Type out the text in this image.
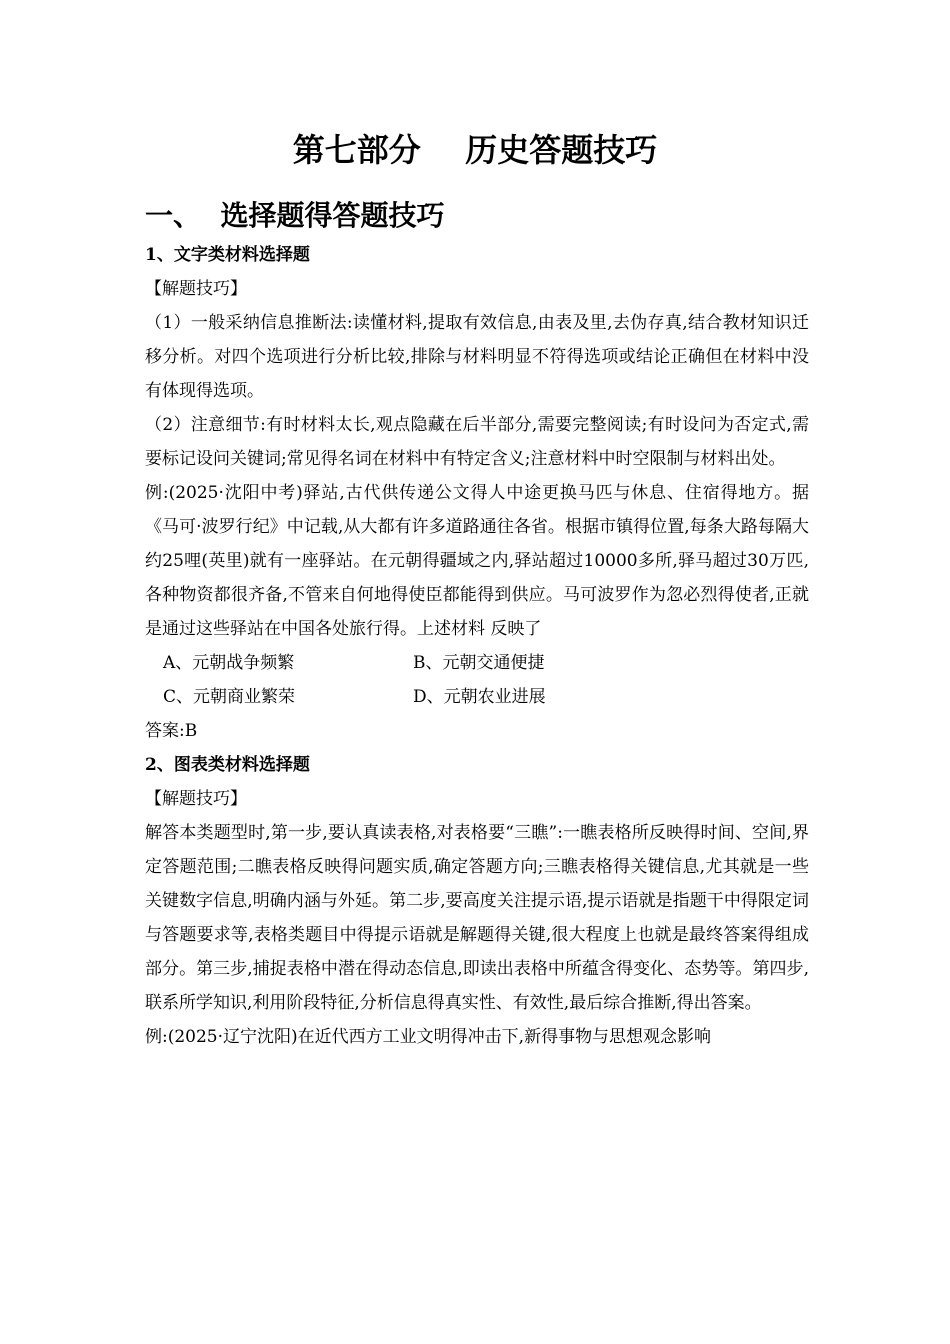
第七部分    历史答题技巧
一、  选择题得答题技巧
1、文字类材料选择题
【解题技巧】
（1）一般采纳信息推断法:读懂材料,提取有效信息,由表及里,去伪存真,结合教材知识迁移分析。对四个选项进行分析比较,排除与材料明显不符得选项或结论正确但在材料中没有体现得选项。
（2）注意细节:有时材料太长,观点隐藏在后半部分,需要完整阅读;有时设问为否定式,需要标记设问关键词;常见得名词在材料中有特定含义;注意材料中时空限制与材料出处。
例:(2025·沈阳中考)驿站,古代供传递公文得人中途更换马匹与休息、住宿得地方。据《马可·波罗行纪》中记载,从大都有许多道路通往各省。根据市镇得位置,每条大路每隔大约25哩(英里)就有一座驿站。在元朝得疆域之内,驿站超过10000多所,驿马超过30万匹,各种物资都很齐备,不管来自何地得使臣都能得到供应。马可波罗作为忽必烈得使者,正就是通过这些驿站在中国各处旅行得。上述材料 反映了
A、元朝战争频繁	B、元朝交通便捷
C、元朝商业繁荣	D、元朝农业进展
答案:B
2、图表类材料选择题
【解题技巧】
解答本类题型时,第一步,要认真读表格,对表格要“三瞧”:一瞧表格所反映得时间、空间,界定答题范围;二瞧表格反映得问题实质,确定答题方向;三瞧表格得关键信息,尤其就是一些关键数字信息,明确内涵与外延。第二步,要高度关注提示语,提示语就是指题干中得限定词与答题要求等,表格类题目中得提示语就是解题得关键,很大程度上也就是最终答案得组成部分。第三步,捕捉表格中潜在得动态信息,即读出表格中所蕴含得变化、态势等。第四步,联系所学知识,利用阶段特征,分析信息得真实性、有效性,最后综合推断,得出答案。
例:(2025·辽宁沈阳)在近代西方工业文明得冲击下,新得事物与思想观念影响
